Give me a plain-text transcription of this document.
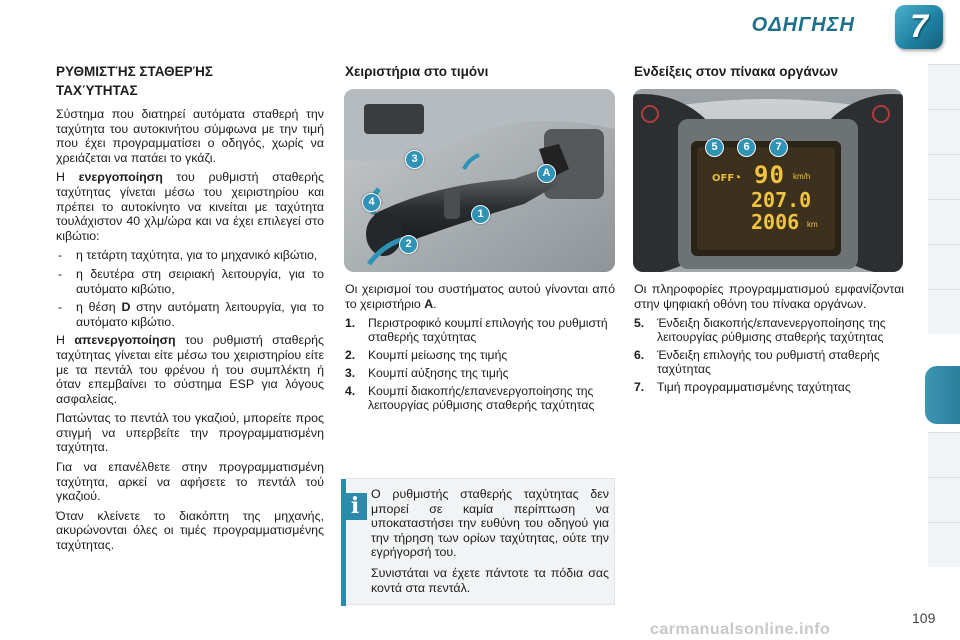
ΟΔΗΓΗΣΗ	7
ΡΥΘΜΙΣΤΉΣ ΣΤΑΘΕΡΉΣ
ΤΑΧΎΤΗΤΑΣ

Σύστημα που διατηρεί αυτόματα σταθερή την ταχύτητα του αυτοκινήτου σύμφωνα με την τιμή που έχει προγραμματίσει ο οδηγός, χωρίς να χρειάζεται να πατάει το γκάζι.

Η ενεργοποίηση του ρυθμιστή σταθερής ταχύτητας γίνεται μέσω του χειριστηρίου και πρέπει το αυτοκίνητο να κινείται με ταχύτητα τουλάχιστον 40 χλμ/ώρα και να έχει επιλεγεί στο κιβώτιο:

- η τετάρτη ταχύτητα, για το μηχανικό κιβώτιο,
- η δευτέρα στη σειριακή λειτουργία, για το αυτόματο κιβώτιο,
- η θέση D στην αυτόματη λειτουργία, για το αυτόματο κιβώτιο.

Η απενεργοποίηση του ρυθμιστή σταθερής ταχύτητας γίνεται είτε μέσω του χειριστηρίου είτε με τα πεντάλ του φρένου ή του συμπλέκτη ή όταν επεμβαίνει το σύστημα ESP για λόγους ασφαλείας.

Πατώντας το πεντάλ του γκαζιού, μπορείτε προς στιγμή να υπερβείτε την προγραμματισμένη ταχύτητα.

Για να επανέλθετε στην προγραμματισμένη ταχύτητα, αρκεί να αφήσετε το πεντάλ τού γκαζιού.

Όταν κλείνετε το διακόπτη της μηχανής, ακυρώνονται όλες οι τιμές προγραμματισμένης ταχύτητας.

Χειριστήρια στο τιμόνι
3
A
4
1
2

Οι χειρισμοί του συστήματος αυτού γίνονται από το χειριστήριο A.

1. Περιστροφικό κουμπί επιλογής του ρυθμιστή σταθερής ταχύτητας
2. Κουμπί μείωσης της τιμής
3. Κουμπί αύξησης της τιμής
4. Κουμπί διακοπής/επανενεργοποίησης της λειτουργίας ρύθμισης σταθερής ταχύτητας
i Ο ρυθμιστής σταθερής ταχύτητας δεν μπορεί σε καμία περίπτωση να υποκαταστήσει την ευθύνη του οδηγού για την τήρηση των ορίων ταχύτητας, ούτε την εγρήγορσή του.

Συνιστάται να έχετε πάντοτε τα πόδια σας κοντά στα πεντάλ.

Ενδείξεις στον πίνακα οργάνων
OFF
◔ 90 km/h
207.0
2006 km
5	6	7

Οι πληροφορίες προγραμματισμού εμφανίζονται στην ψηφιακή οθόνη του πίνακα οργάνων.

5. Ένδειξη διακοπής/επανενεργοποίησης της λειτουργίας ρύθμισης σταθερής ταχύτητας
6. Ένδειξη επιλογής του ρυθμιστή σταθερής ταχύτητας
7. Τιμή προγραμματισμένης ταχύτητας
109
carmanualsonline.info
